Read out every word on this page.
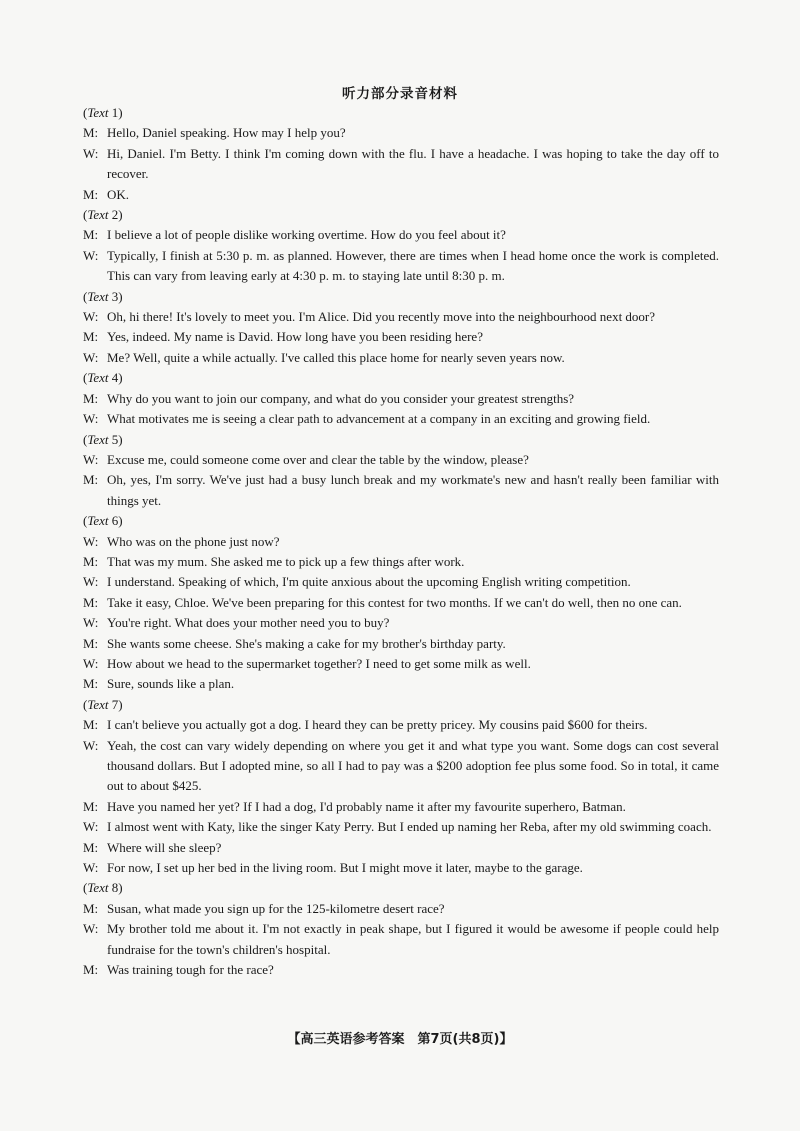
听力部分录音材料
(Text 1)
M: Hello, Daniel speaking. How may I help you?
W: Hi, Daniel. I'm Betty. I think I'm coming down with the flu. I have a headache. I was hoping to take the day off to recover.
M: OK.
(Text 2)
M: I believe a lot of people dislike working overtime. How do you feel about it?
W: Typically, I finish at 5:30 p. m. as planned. However, there are times when I head home once the work is completed. This can vary from leaving early at 4:30 p. m. to staying late until 8:30 p. m.
(Text 3)
W: Oh, hi there! It's lovely to meet you. I'm Alice. Did you recently move into the neighbourhood next door?
M: Yes, indeed. My name is David. How long have you been residing here?
W: Me? Well, quite a while actually. I've called this place home for nearly seven years now.
(Text 4)
M: Why do you want to join our company, and what do you consider your greatest strengths?
W: What motivates me is seeing a clear path to advancement at a company in an exciting and growing field.
(Text 5)
W: Excuse me, could someone come over and clear the table by the window, please?
M: Oh, yes, I'm sorry. We've just had a busy lunch break and my workmate's new and hasn't really been familiar with things yet.
(Text 6)
W: Who was on the phone just now?
M: That was my mum. She asked me to pick up a few things after work.
W: I understand. Speaking of which, I'm quite anxious about the upcoming English writing competition.
M: Take it easy, Chloe. We've been preparing for this contest for two months. If we can't do well, then no one can.
W: You're right. What does your mother need you to buy?
M: She wants some cheese. She's making a cake for my brother's birthday party.
W: How about we head to the supermarket together? I need to get some milk as well.
M: Sure, sounds like a plan.
(Text 7)
M: I can't believe you actually got a dog. I heard they can be pretty pricey. My cousins paid $600 for theirs.
W: Yeah, the cost can vary widely depending on where you get it and what type you want. Some dogs can cost several thousand dollars. But I adopted mine, so all I had to pay was a $200 adoption fee plus some food. So in total, it came out to about $425.
M: Have you named her yet? If I had a dog, I'd probably name it after my favourite superhero, Batman.
W: I almost went with Katy, like the singer Katy Perry. But I ended up naming her Reba, after my old swimming coach.
M: Where will she sleep?
W: For now, I set up her bed in the living room. But I might move it later, maybe to the garage.
(Text 8)
M: Susan, what made you sign up for the 125-kilometre desert race?
W: My brother told me about it. I'm not exactly in peak shape, but I figured it would be awesome if people could help fundraise for the town's children's hospital.
M: Was training tough for the race?
【高三英语参考答案　第7页(共8页)】
